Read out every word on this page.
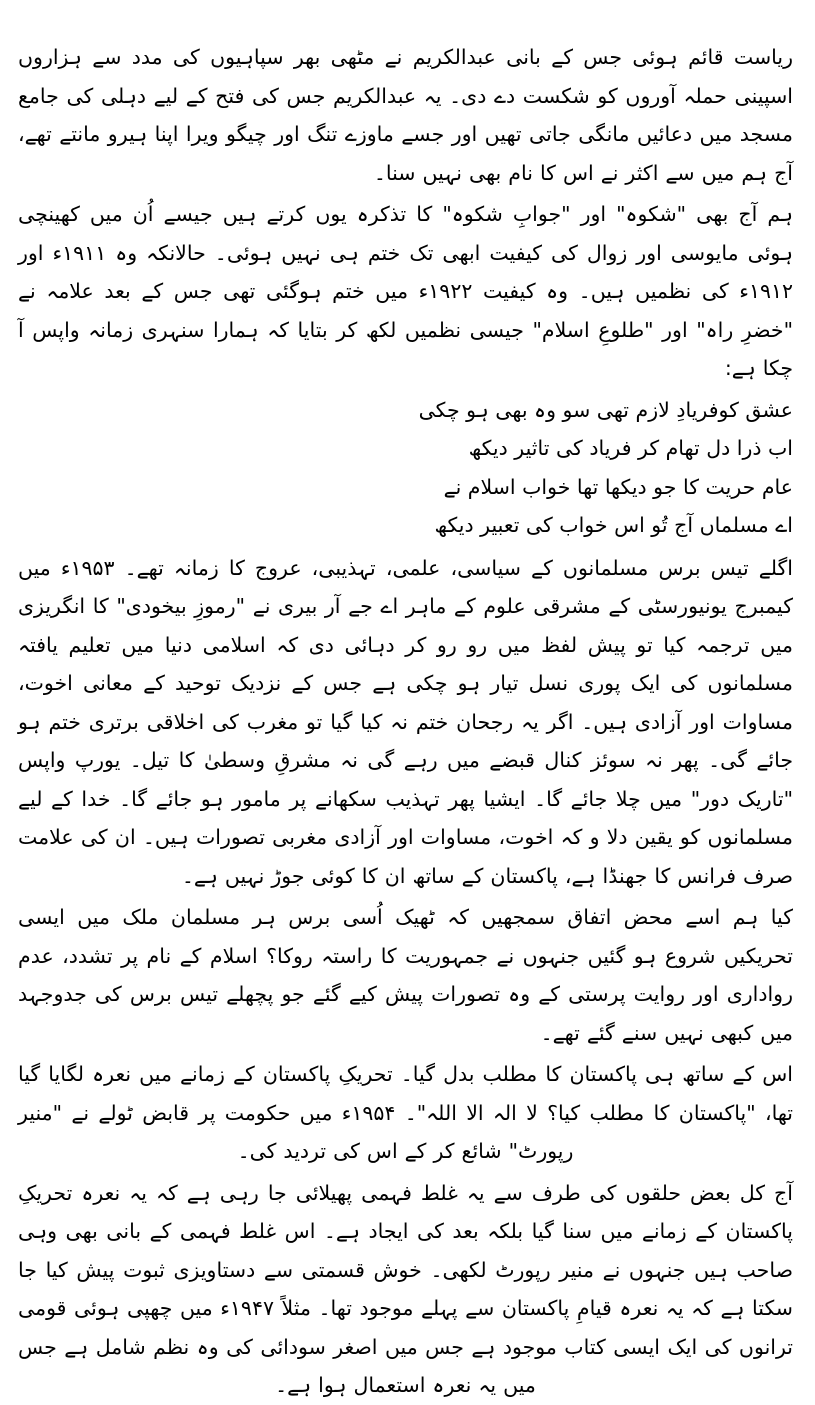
ریاست قائم ہوئی جس کے بانی عبدالکریم نے مٹھی بھر سپاہیوں کی مدد سے ہزاروں اسپینی حملہ آوروں کو شکست دے دی۔ یہ عبدالکریم جس کی فتح کے لیے دہلی کی جامع مسجد میں دعائیں مانگی جاتی تھیں اور جسے ماوزے تنگ اور چیگو ویرا اپنا ہیرو مانتے تھے، آج ہم میں سے اکثر نے اس کا نام بھی نہیں سنا۔

ہم آج بھی "شکوہ" اور "جوابِ شکوہ" کا تذکرہ یوں کرتے ہیں جیسے اُن میں کھینچی ہوئی مایوسی اور زوال کی کیفیت ابھی تک ختم ہی نہیں ہوئی۔ حالانکہ وہ ۱۹۱۱ء اور ۱۹۱۲ء کی نظمیں ہیں۔ وہ کیفیت ۱۹۲۲ء میں ختم ہوگئی تھی جس کے بعد علامہ نے "خضرِ راہ" اور "طلوعِ اسلام" جیسی نظمیں لکھ کر بتایا کہ ہمارا سنہری زمانہ واپس آ چکا ہے:

عشق کوفریادِ لازم تھی سو وہ بھی ہو چکی
اب ذرا دل تھام کر فریاد کی تاثیر دیکھ
عام حریت کا جو دیکھا تھا خواب اسلام نے
اے مسلماں آج تُو اس خواب کی تعبیر دیکھ

اگلے تیس برس مسلمانوں کے سیاسی، علمی، تہذیبی، عروج کا زمانہ تھے۔ ۱۹۵۳ء میں کیمبرج یونیورسٹی کے مشرقی علوم کے ماہر اے جے آر بیری نے "رموزِ بیخودی" کا انگریزی میں ترجمہ کیا تو پیش لفظ میں رو رو کر دہائی دی کہ اسلامی دنیا میں تعلیم یافتہ مسلمانوں کی ایک پوری نسل تیار ہو چکی ہے جس کے نزدیک توحید کے معانی اخوت، مساوات اور آزادی ہیں۔ اگر یہ رجحان ختم نہ کیا گیا تو مغرب کی اخلاقی برتری ختم ہو جائے گی۔ پھر نہ سوئز کنال قبضے میں رہے گی نہ مشرقِ وسطیٰ کا تیل۔ یورپ واپس "تاریک دور" میں چلا جائے گا۔ ایشیا پھر تہذیب سکھانے پر مامور ہو جائے گا۔ خدا کے لیے مسلمانوں کو یقین دلا و کہ اخوت، مساوات اور آزادی مغربی تصورات ہیں۔ ان کی علامت صرف فرانس کا جھنڈا ہے، پاکستان کے ساتھ ان کا کوئی جوڑ نہیں ہے۔

کیا ہم اسے محض اتفاق سمجھیں کہ ٹھیک اُسی برس ہر مسلمان ملک میں ایسی تحریکیں شروع ہو گئیں جنہوں نے جمہوریت کا راستہ روکا؟ اسلام کے نام پر تشدد، عدم رواداری اور روایت پرستی کے وہ تصورات پیش کیے گئے جو پچھلے تیس برس کی جدوجہد میں کبھی نہیں سنے گئے تھے۔

اس کے ساتھ ہی پاکستان کا مطلب بدل گیا۔ تحریکِ پاکستان کے زمانے میں نعرہ لگایا گیا تھا، "پاکستان کا مطلب کیا؟ لا الہ الا اللہ"۔ ۱۹۵۴ء میں حکومت پر قابض ٹولے نے "منیر رپورٹ" شائع کر کے اس کی تردید کی۔

آج کل بعض حلقوں کی طرف سے یہ غلط فہمی پھیلائی جا رہی ہے کہ یہ نعرہ تحریکِ پاکستان کے زمانے میں سنا گیا بلکہ بعد کی ایجاد ہے۔ اس غلط فہمی کے بانی بھی وہی صاحب ہیں جنہوں نے منیر رپورٹ لکھی۔ خوش قسمتی سے دستاویزی ثبوت پیش کیا جا سکتا ہے کہ یہ نعرہ قیامِ پاکستان سے پہلے موجود تھا۔ مثلاً ۱۹۴۷ء میں چھپی ہوئی قومی ترانوں کی ایک ایسی کتاب موجود ہے جس میں اصغر سودائی کی وہ نظم شامل ہے جس میں یہ نعرہ استعمال ہوا ہے۔
